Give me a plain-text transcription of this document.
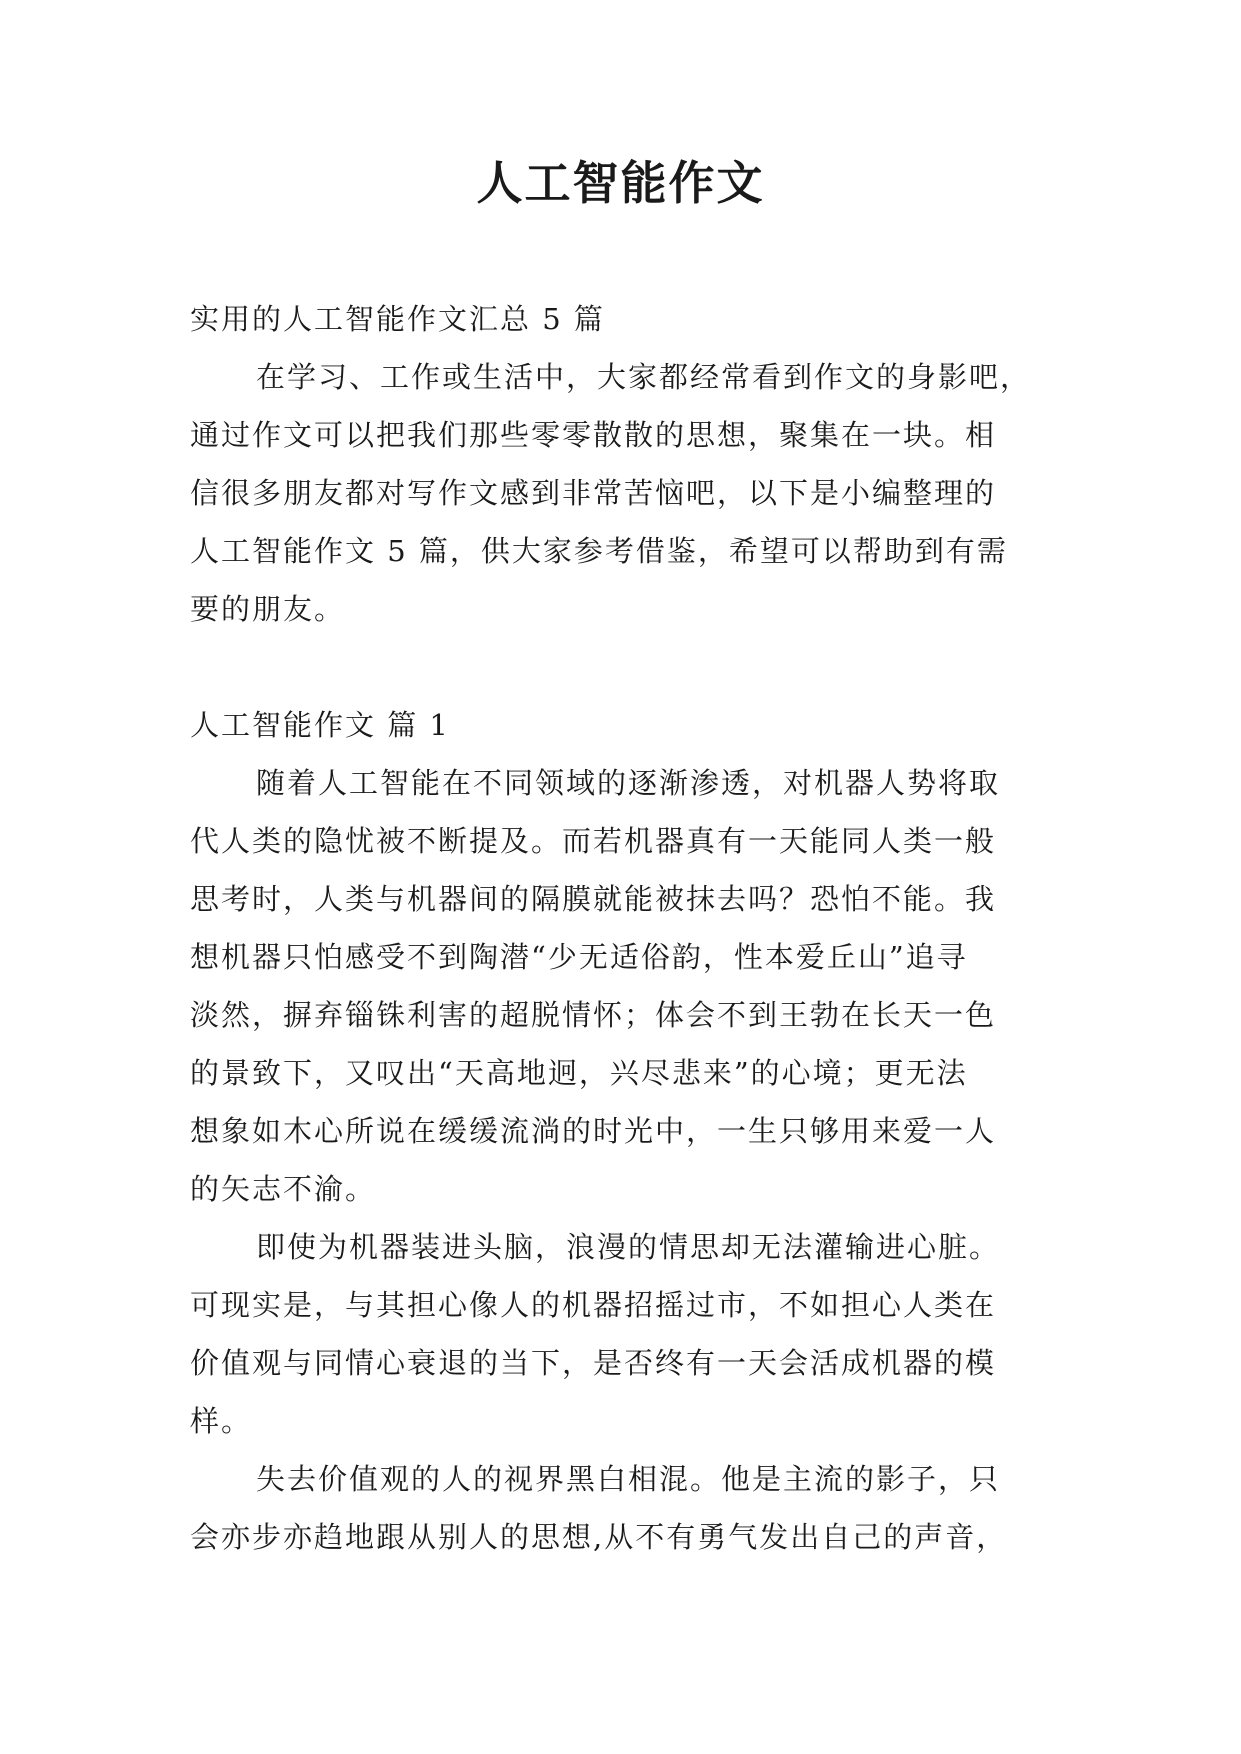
人工智能作文
实用的人工智能作文汇总 5 篇
在学习、工作或生活中，大家都经常看到作文的身影吧，
通过作文可以把我们那些零零散散的思想，聚集在一块。相
信很多朋友都对写作文感到非常苦恼吧，以下是小编整理的
人工智能作文 5 篇，供大家参考借鉴，希望可以帮助到有需
要的朋友。
人工智能作文 篇 1
随着人工智能在不同领域的逐渐渗透，对机器人势将取
代人类的隐忧被不断提及。而若机器真有一天能同人类一般
思考时，人类与机器间的隔膜就能被抹去吗？恐怕不能。我
想机器只怕感受不到陶潜“少无适俗韵，性本爱丘山”追寻
淡然，摒弃锱铢利害的超脱情怀；体会不到王勃在长天一色
的景致下，又叹出“天高地迥，兴尽悲来”的心境；更无法
想象如木心所说在缓缓流淌的时光中，一生只够用来爱一人
的矢志不渝。
即使为机器装进头脑，浪漫的情思却无法灌输进心脏。
可现实是，与其担心像人的机器招摇过市，不如担心人类在
价值观与同情心衰退的当下，是否终有一天会活成机器的模
样。
失去价值观的人的视界黑白相混。他是主流的影子，只
会亦步亦趋地跟从别人的思想,从不有勇气发出自己的声音，
